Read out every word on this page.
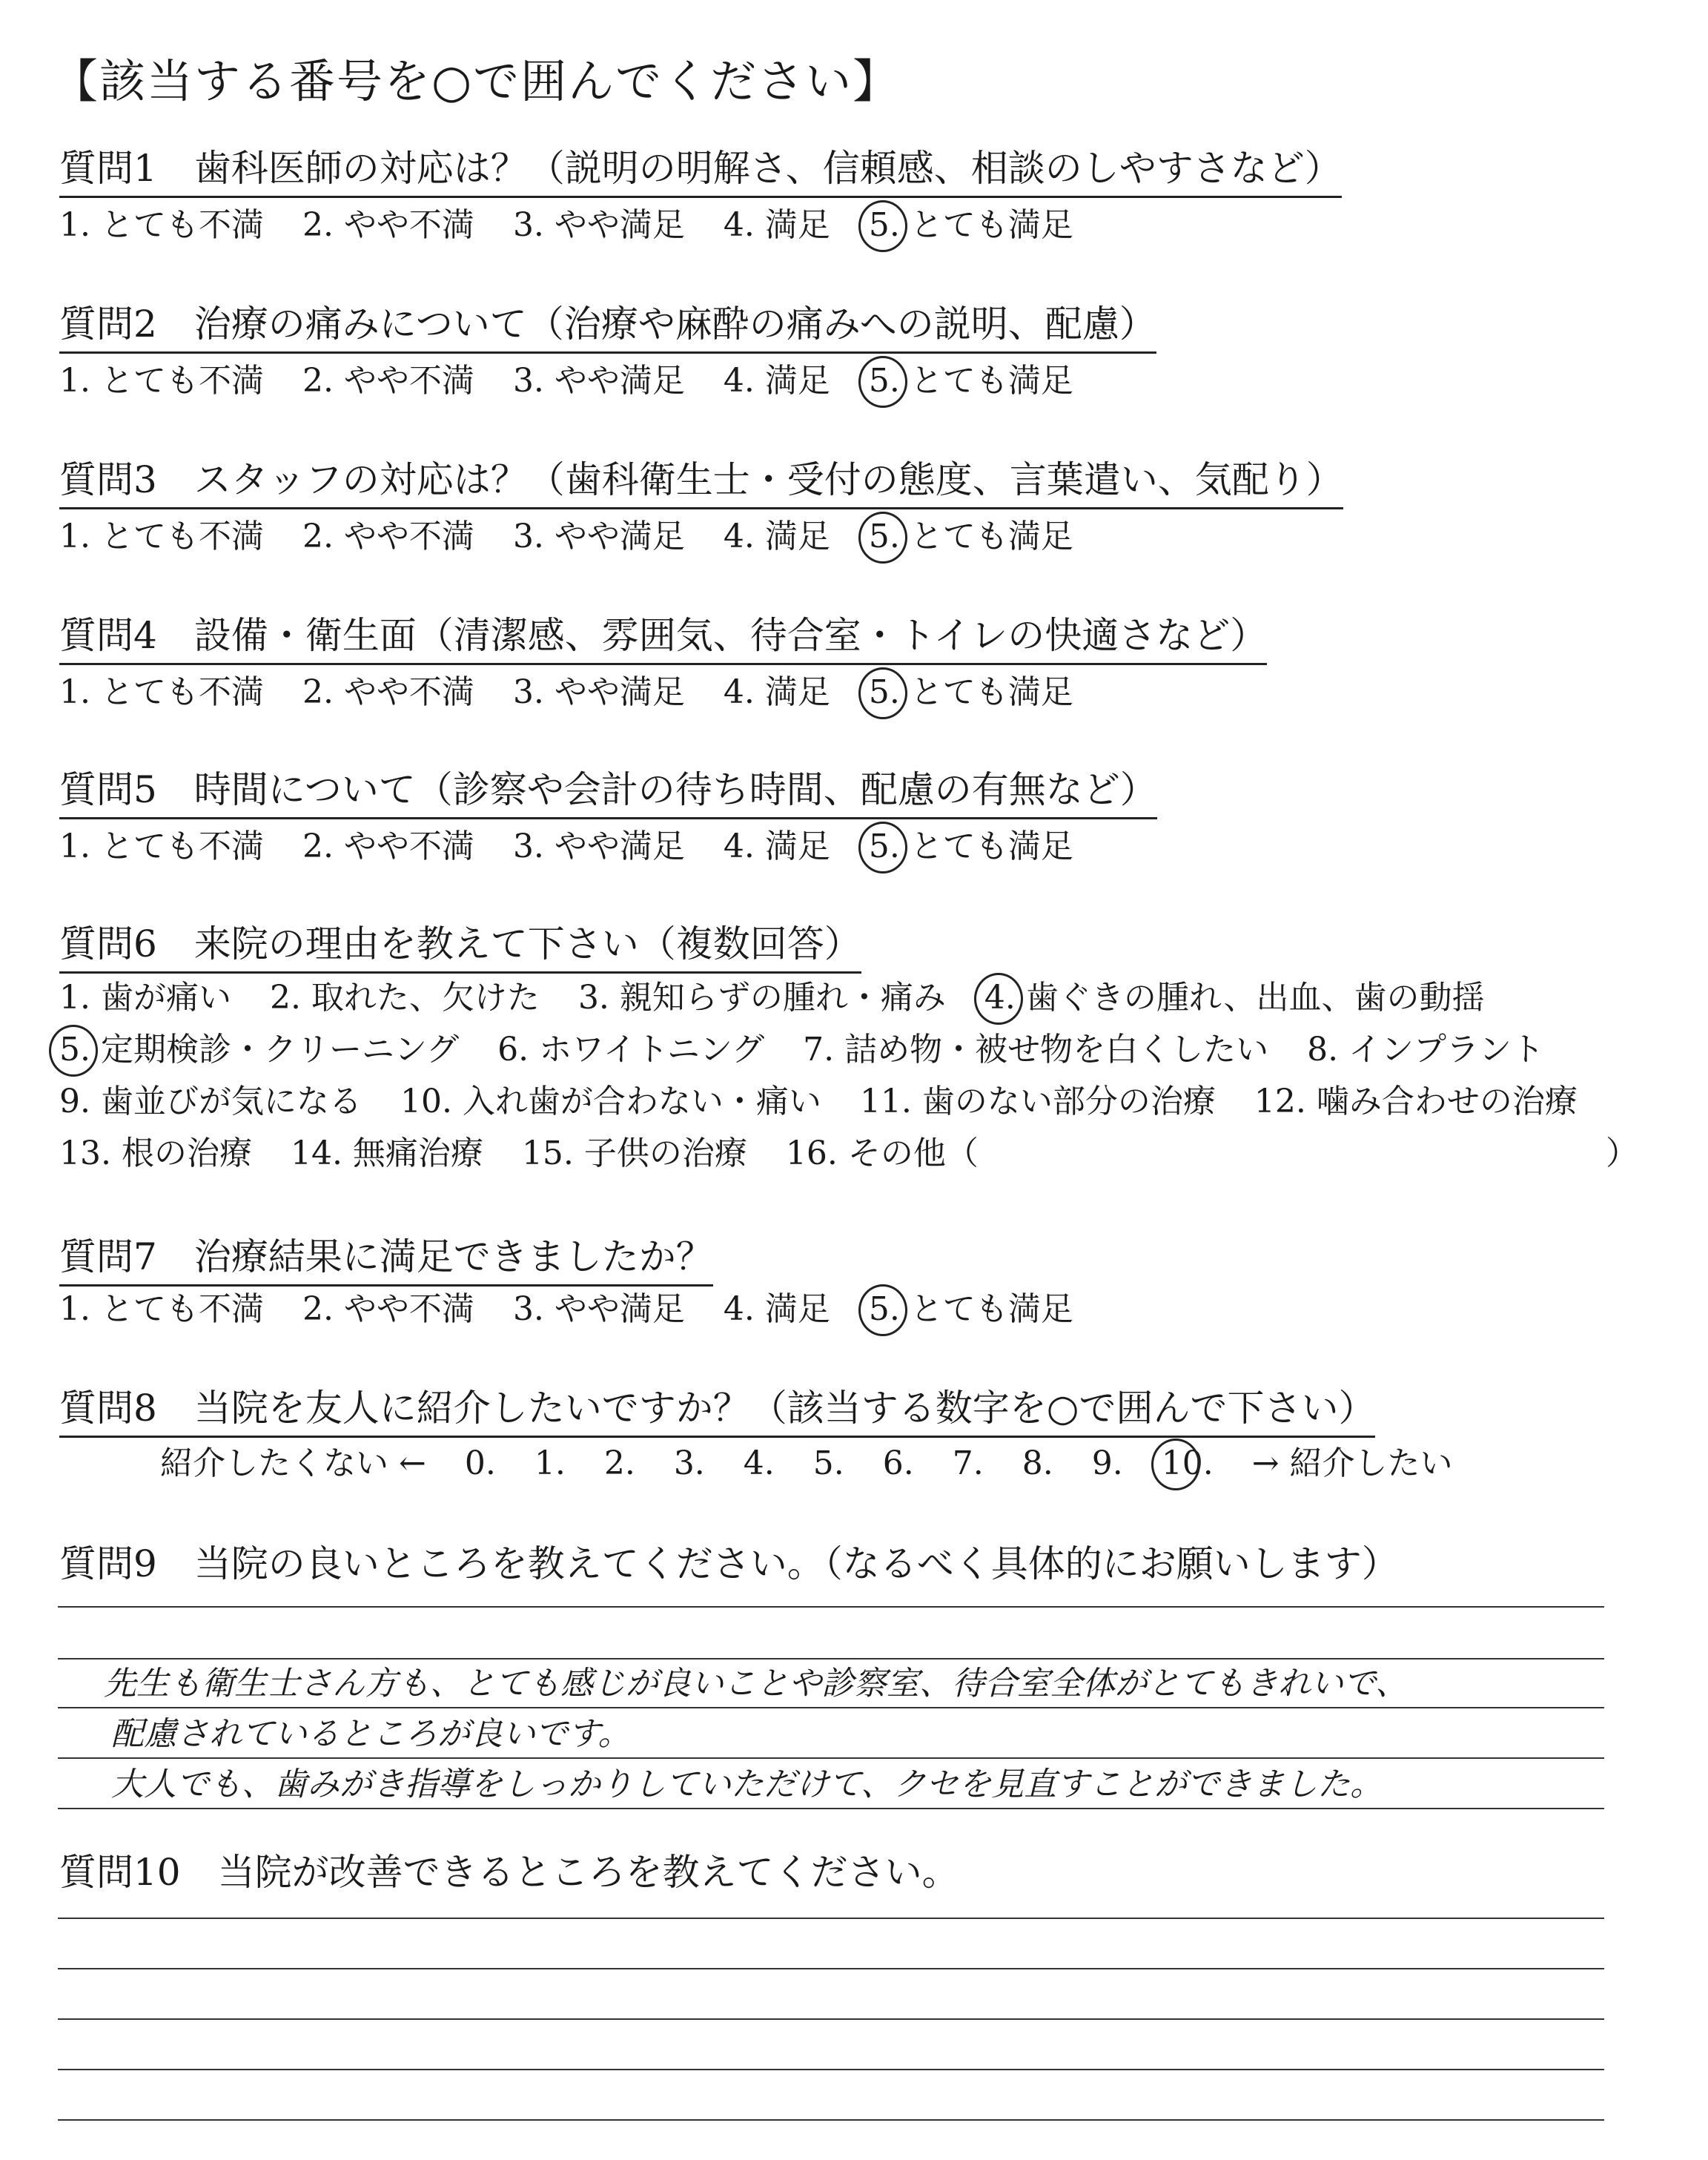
【該当する番号を○で囲んでください】
質問1　歯科医師の対応は？（説明の明解さ、信頼感、相談のしやすさなど）
1. とても不満 2. やや不満 3. やや満足 4. 満足 5. とても満足
質問2　治療の痛みについて（治療や麻酔の痛みへの説明、配慮）
1. とても不満 2. やや不満 3. やや満足 4. 満足 5. とても満足
質問3　スタッフの対応は？（歯科衛生士・受付の態度、言葉遣い、気配り）
1. とても不満 2. やや不満 3. やや満足 4. 満足 5. とても満足
質問4　設備・衛生面（清潔感、雰囲気、待合室・トイレの快適さなど）
1. とても不満 2. やや不満 3. やや満足 4. 満足 5. とても満足
質問5　時間について（診察や会計の待ち時間、配慮の有無など）
1. とても不満 2. やや不満 3. やや満足 4. 満足 5. とても満足
質問6　来院の理由を教えて下さい（複数回答）
1. 歯が痛い 2. 取れた、欠けた 3. 親知らずの腫れ・痛み 4. 歯ぐきの腫れ、出血、歯の動揺
5. 定期検診・クリーニング 6. ホワイトニング 7. 詰め物・被せ物を白くしたい 8. インプラント
9. 歯並びが気になる 10. 入れ歯が合わない・痛い 11. 歯のない部分の治療 12. 噛み合わせの治療
13. 根の治療 14. 無痛治療 15. 子供の治療 16. その他（	）
質問7　治療結果に満足できましたか？
1. とても不満 2. やや不満 3. やや満足 4. 満足 5. とても満足
質問8　当院を友人に紹介したいですか？（該当する数字を○で囲んで下さい）
紹介したくない ← 0. 1. 2. 3. 4. 5. 6. 7. 8. 9. 10. → 紹介したい
質問9　当院の良いところを教えてください。（なるべく具体的にお願いします）
先生も衛生士さん方も、とても感じが良いことや診察室、待合室全体がとてもきれいで、
配慮されているところが良いです。
大人でも、歯みがき指導をしっかりしていただけて、クセを見直すことができました。
質問10　当院が改善できるところを教えてください。
